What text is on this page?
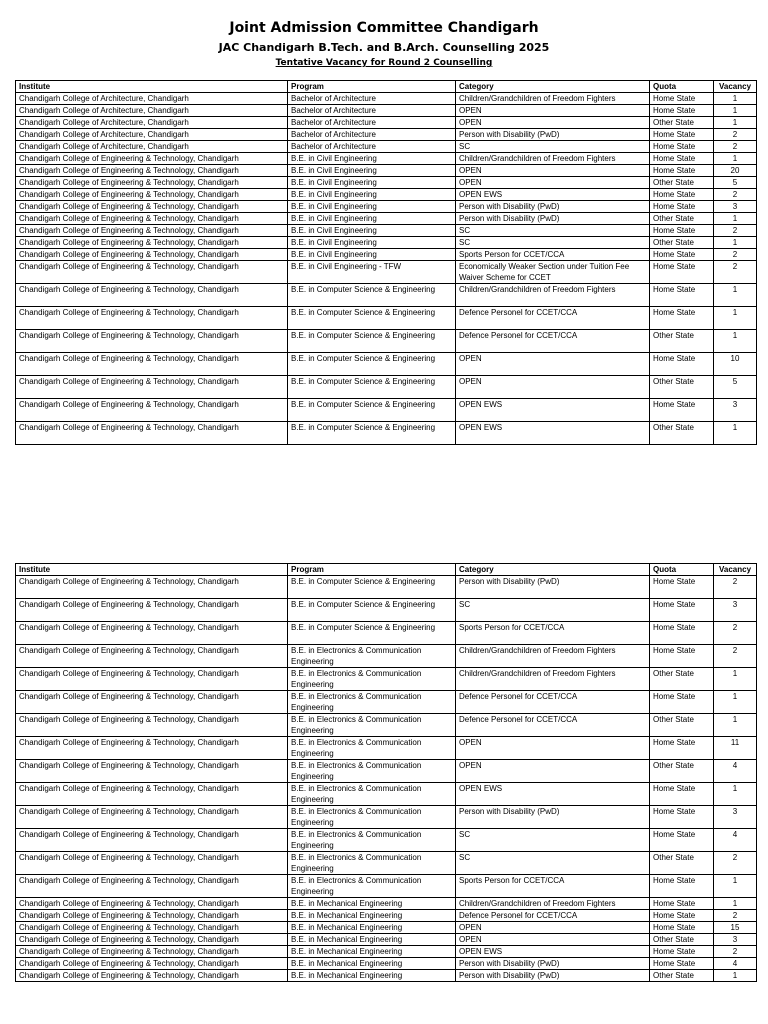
Joint Admission Committee Chandigarh
JAC Chandigarh B.Tech. and B.Arch. Counselling 2025
Tentative Vacancy for Round 2 Counselling
Institute	Program	Category	Quota	Vacancy
Chandigarh College of Architecture, Chandigarh	Bachelor of Architecture	Children/Grandchildren of Freedom Fighters	Home State	1
Chandigarh College of Architecture, Chandigarh	Bachelor of Architecture	OPEN	Home State	1
Chandigarh College of Architecture, Chandigarh	Bachelor of Architecture	OPEN	Other State	1
Chandigarh College of Architecture, Chandigarh	Bachelor of Architecture	Person with Disability (PwD)	Home State	2
Chandigarh College of Architecture, Chandigarh	Bachelor of Architecture	SC	Home State	2
Chandigarh College of Engineering & Technology, Chandigarh	B.E. in Civil Engineering	Children/Grandchildren of Freedom Fighters	Home State	1
Chandigarh College of Engineering & Technology, Chandigarh	B.E. in Civil Engineering	OPEN	Home State	20
Chandigarh College of Engineering & Technology, Chandigarh	B.E. in Civil Engineering	OPEN	Other State	5
Chandigarh College of Engineering & Technology, Chandigarh	B.E. in Civil Engineering	OPEN EWS	Home State	2
Chandigarh College of Engineering & Technology, Chandigarh	B.E. in Civil Engineering	Person with Disability (PwD)	Home State	3
Chandigarh College of Engineering & Technology, Chandigarh	B.E. in Civil Engineering	Person with Disability (PwD)	Other State	1
Chandigarh College of Engineering & Technology, Chandigarh	B.E. in Civil Engineering	SC	Home State	2
Chandigarh College of Engineering & Technology, Chandigarh	B.E. in Civil Engineering	SC	Other State	1
Chandigarh College of Engineering & Technology, Chandigarh	B.E. in Civil Engineering	Sports Person for CCET/CCA	Home State	2
Chandigarh College of Engineering & Technology, Chandigarh	B.E. in Civil Engineering - TFW	Economically Weaker Section under Tuition Fee Waiver Scheme for CCET	Home State	2
Chandigarh College of Engineering & Technology, Chandigarh	B.E. in Computer Science & Engineering	Children/Grandchildren of Freedom Fighters	Home State	1
Chandigarh College of Engineering & Technology, Chandigarh	B.E. in Computer Science & Engineering	Defence Personel for CCET/CCA	Home State	1
Chandigarh College of Engineering & Technology, Chandigarh	B.E. in Computer Science & Engineering	Defence Personel for CCET/CCA	Other State	1
Chandigarh College of Engineering & Technology, Chandigarh	B.E. in Computer Science & Engineering	OPEN	Home State	10
Chandigarh College of Engineering & Technology, Chandigarh	B.E. in Computer Science & Engineering	OPEN	Other State	5
Chandigarh College of Engineering & Technology, Chandigarh	B.E. in Computer Science & Engineering	OPEN EWS	Home State	3
Chandigarh College of Engineering & Technology, Chandigarh	B.E. in Computer Science & Engineering	OPEN EWS	Other State	1
Institute	Program	Category	Quota	Vacancy
Chandigarh College of Engineering & Technology, Chandigarh	B.E. in Computer Science & Engineering	Person with Disability (PwD)	Home State	2
Chandigarh College of Engineering & Technology, Chandigarh	B.E. in Computer Science & Engineering	SC	Home State	3
Chandigarh College of Engineering & Technology, Chandigarh	B.E. in Computer Science & Engineering	Sports Person for CCET/CCA	Home State	2
Chandigarh College of Engineering & Technology, Chandigarh	B.E. in Electronics & Communication Engineering	Children/Grandchildren of Freedom Fighters	Home State	2
Chandigarh College of Engineering & Technology, Chandigarh	B.E. in Electronics & Communication Engineering	Children/Grandchildren of Freedom Fighters	Other State	1
Chandigarh College of Engineering & Technology, Chandigarh	B.E. in Electronics & Communication Engineering	Defence Personel for CCET/CCA	Home State	1
Chandigarh College of Engineering & Technology, Chandigarh	B.E. in Electronics & Communication Engineering	Defence Personel for CCET/CCA	Other State	1
Chandigarh College of Engineering & Technology, Chandigarh	B.E. in Electronics & Communication Engineering	OPEN	Home State	11
Chandigarh College of Engineering & Technology, Chandigarh	B.E. in Electronics & Communication Engineering	OPEN	Other State	4
Chandigarh College of Engineering & Technology, Chandigarh	B.E. in Electronics & Communication Engineering	OPEN EWS	Home State	1
Chandigarh College of Engineering & Technology, Chandigarh	B.E. in Electronics & Communication Engineering	Person with Disability (PwD)	Home State	3
Chandigarh College of Engineering & Technology, Chandigarh	B.E. in Electronics & Communication Engineering	SC	Home State	4
Chandigarh College of Engineering & Technology, Chandigarh	B.E. in Electronics & Communication Engineering	SC	Other State	2
Chandigarh College of Engineering & Technology, Chandigarh	B.E. in Electronics & Communication Engineering	Sports Person for CCET/CCA	Home State	1
Chandigarh College of Engineering & Technology, Chandigarh	B.E. in Mechanical Engineering	Children/Grandchildren of Freedom Fighters	Home State	1
Chandigarh College of Engineering & Technology, Chandigarh	B.E. in Mechanical Engineering	Defence Personel for CCET/CCA	Home State	2
Chandigarh College of Engineering & Technology, Chandigarh	B.E. in Mechanical Engineering	OPEN	Home State	15
Chandigarh College of Engineering & Technology, Chandigarh	B.E. in Mechanical Engineering	OPEN	Other State	3
Chandigarh College of Engineering & Technology, Chandigarh	B.E. in Mechanical Engineering	OPEN EWS	Home State	2
Chandigarh College of Engineering & Technology, Chandigarh	B.E. in Mechanical Engineering	Person with Disability (PwD)	Home State	4
Chandigarh College of Engineering & Technology, Chandigarh	B.E. in Mechanical Engineering	Person with Disability (PwD)	Other State	1
